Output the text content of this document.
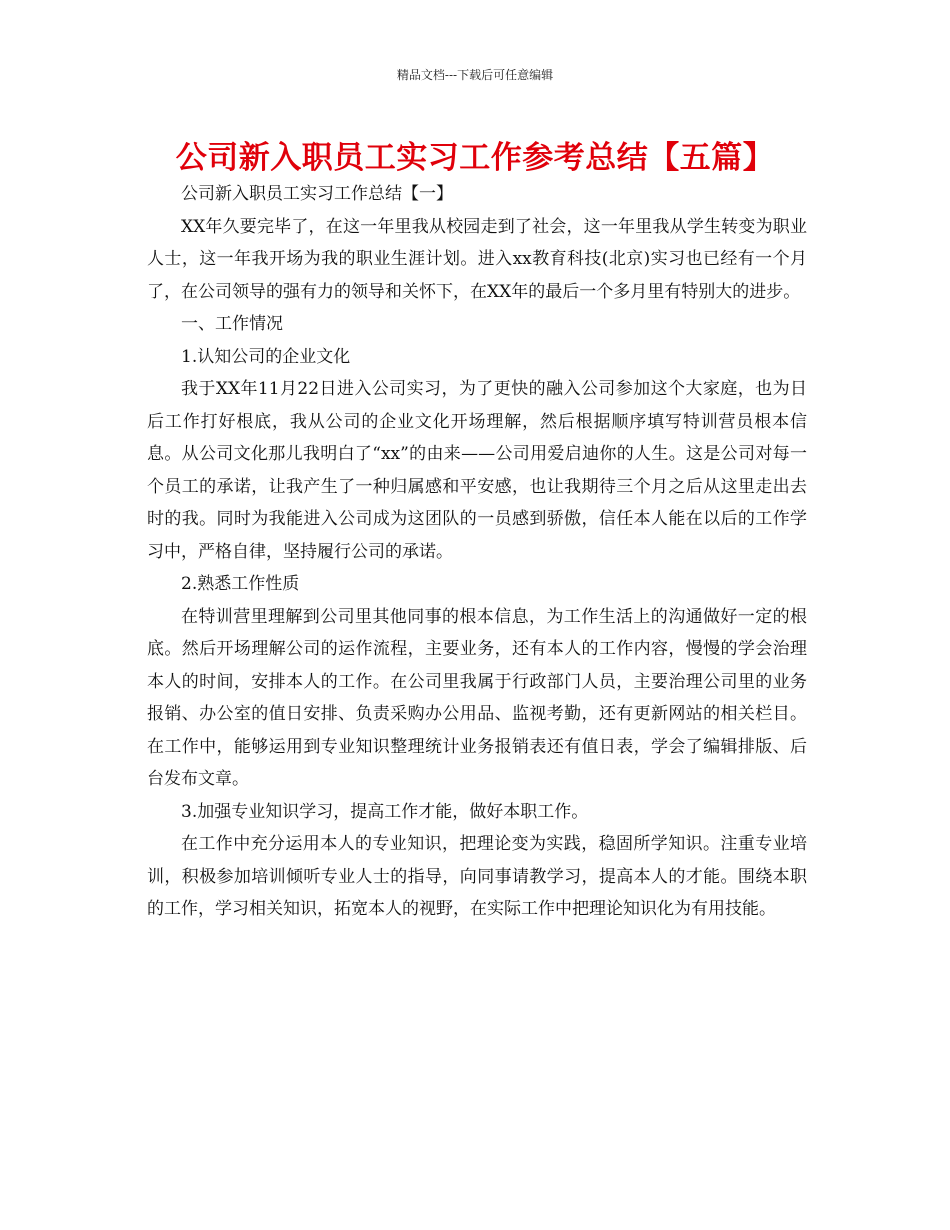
精品文档---下载后可任意编辑
公司新入职员工实习工作参考总结【五篇】

公司新入职员工实习工作总结【一】

XX年久要完毕了，在这一年里我从校园走到了社会，这一年里我从学生转变为职业人士，这一年我开场为我的职业生涯计划。进入xx教育科技(北京)实习也已经有一个月了，在公司领导的强有力的领导和关怀下，在XX年的最后一个多月里有特别大的进步。

一、工作情况

1.认知公司的企业文化

我于XX年11月22日进入公司实习，为了更快的融入公司参加这个大家庭，也为日后工作打好根底，我从公司的企业文化开场理解，然后根据顺序填写特训营员根本信息。从公司文化那儿我明白了“xx”的由来——公司用爱启迪你的人生。这是公司对每一个员工的承诺，让我产生了一种归属感和平安感，也让我期待三个月之后从这里走出去时的我。同时为我能进入公司成为这团队的一员感到骄傲，信任本人能在以后的工作学习中，严格自律，坚持履行公司的承诺。

2.熟悉工作性质

在特训营里理解到公司里其他同事的根本信息，为工作生活上的沟通做好一定的根底。然后开场理解公司的运作流程，主要业务，还有本人的工作内容，慢慢的学会治理本人的时间，安排本人的工作。在公司里我属于行政部门人员，主要治理公司里的业务报销、办公室的值日安排、负责采购办公用品、监视考勤，还有更新网站的相关栏目。在工作中，能够运用到专业知识整理统计业务报销表还有值日表，学会了编辑排版、后台发布文章。

3.加强专业知识学习，提高工作才能，做好本职工作。

在工作中充分运用本人的专业知识，把理论变为实践，稳固所学知识。注重专业培训，积极参加培训倾听专业人士的指导，向同事请教学习，提高本人的才能。围绕本职的工作，学习相关知识，拓宽本人的视野，在实际工作中把理论知识化为有用技能。
